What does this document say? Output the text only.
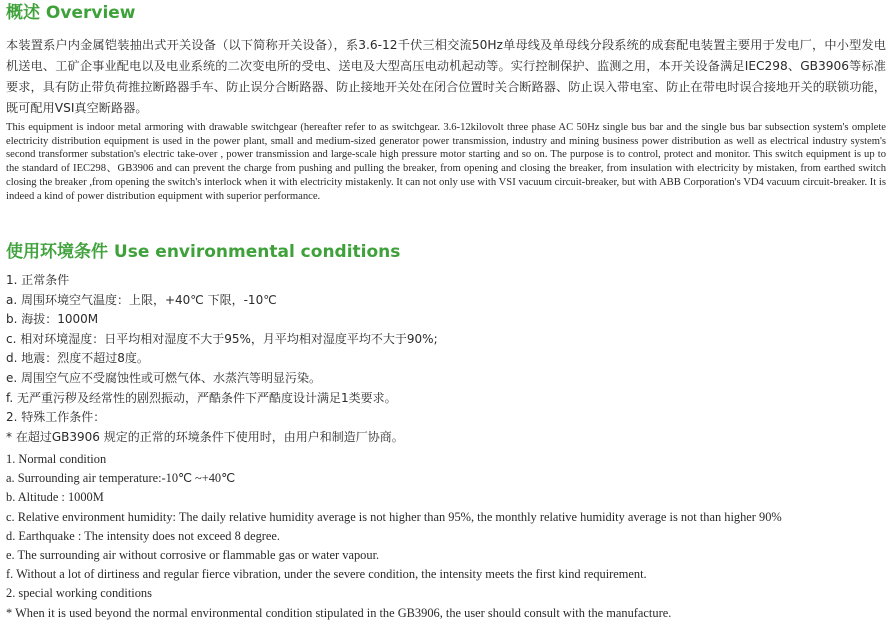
概述 Overview

本装置系户内金属铠装抽出式开关设备（以下简称开关设备），系3.6-12千伏三相交流50Hz单母线及单母线分段系统的成套配电装置主要用于发电厂，中小型发电机送电、工矿企事业配电以及电业系统的二次变电所的受电、送电及大型高压电动机起动等。实行控制保护、监测之用，本开关设备满足IEC298、GB3906等标准要求，具有防止带负荷推拉断路器手车、防止误分合断路器、防止接地开关处在闭合位置时关合断路器、防止误入带电室、防止在带电时误合接地开关的联锁功能，既可配用VSI真空断路器。

This equipment is indoor metal armoring with drawable switchgear (hereafter refer to as switchgear. 3.6-12kilovolt three phase AC 50Hz single bus bar and the single bus bar subsection system's omplete electricity distribution equipment is used in the power plant, small and medium-sized generator power transmission, industry and mining business power distribution as well as electrical industry system's second transformer substation's electric take-over , power transmission and large-scale high pressure motor starting and so on. The purpose is to control, protect and monitor. This switch equipment is up to the standard of IEC298、GB3906 and can prevent the charge from pushing and pulling the breaker, from opening and closing the breaker, from insulation with electricity by mistaken, from earthed switch closing the breaker ,from opening the switch's interlock when it with electricity mistakenly. It can not only use with VSI vacuum circuit-breaker, but with ABB Corporation's VD4 vacuum circuit-breaker. It is indeed a kind of power distribution equipment with superior performance.

使用环境条件 Use environmental conditions
1. 正常条件
a. 周围环境空气温度：上限，+40℃ 下限，-10℃
b. 海拔：1000M
c. 相对环境湿度：日平均相对湿度不大于95%，月平均相对湿度平均不大于90%;
d. 地震：烈度不超过8度。
e. 周围空气应不受腐蚀性或可燃气体、水蒸汽等明显污染。
f. 无严重污秽及经常性的剧烈振动，严酷条件下严酷度设计满足1类要求。
2. 特殊工作条件：
* 在超过GB3906 规定的正常的环境条件下使用时，由用户和制造厂协商。
1. Normal condition
a. Surrounding air temperature:-10℃ ~+40℃
b. Altitude : 1000M
c. Relative environment humidity: The daily relative humidity average is not higher than 95%, the monthly relative humidity average is not than higher 90%
d. Earthquake : The intensity does not exceed 8 degree.
e. The surrounding air without corrosive or flammable gas or water vapour.
f. Without a lot of dirtiness and regular fierce vibration, under the severe condition, the intensity meets the first kind requirement.
2. special working conditions
* When it is used beyond the normal environmental condition stipulated in the GB3906, the user should consult with the manufacture.
